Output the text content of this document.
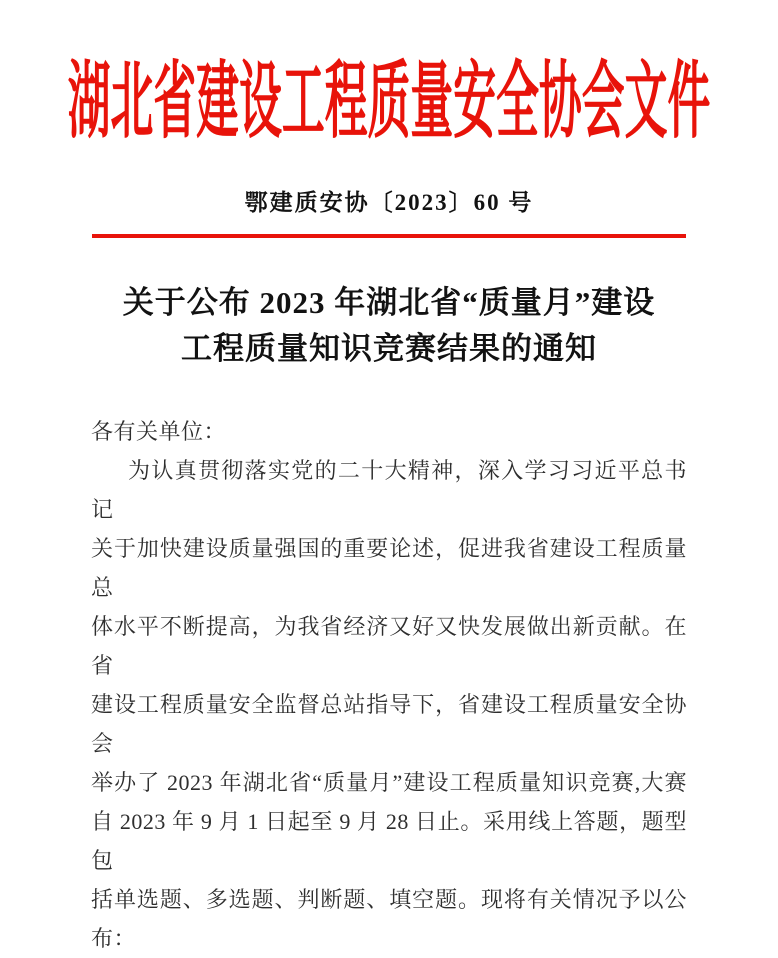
湖北省建设工程质量安全协会文件
鄂建质安协〔2023〕60 号
关于公布 2023 年湖北省“质量月”建设
工程质量知识竞赛结果的通知
各有关单位：
为认真贯彻落实党的二十大精神，深入学习习近平总书记
关于加快建设质量强国的重要论述，促进我省建设工程质量总
体水平不断提高，为我省经济又好又快发展做出新贡献。在省
建设工程质量安全监督总站指导下，省建设工程质量安全协会
举办了 2023 年湖北省“质量月”建设工程质量知识竞赛,大赛
自 2023 年 9 月 1 日起至 9 月 28 日止。采用线上答题，题型包
括单选题、多选题、判断题、填空题。现将有关情况予以公
布：
